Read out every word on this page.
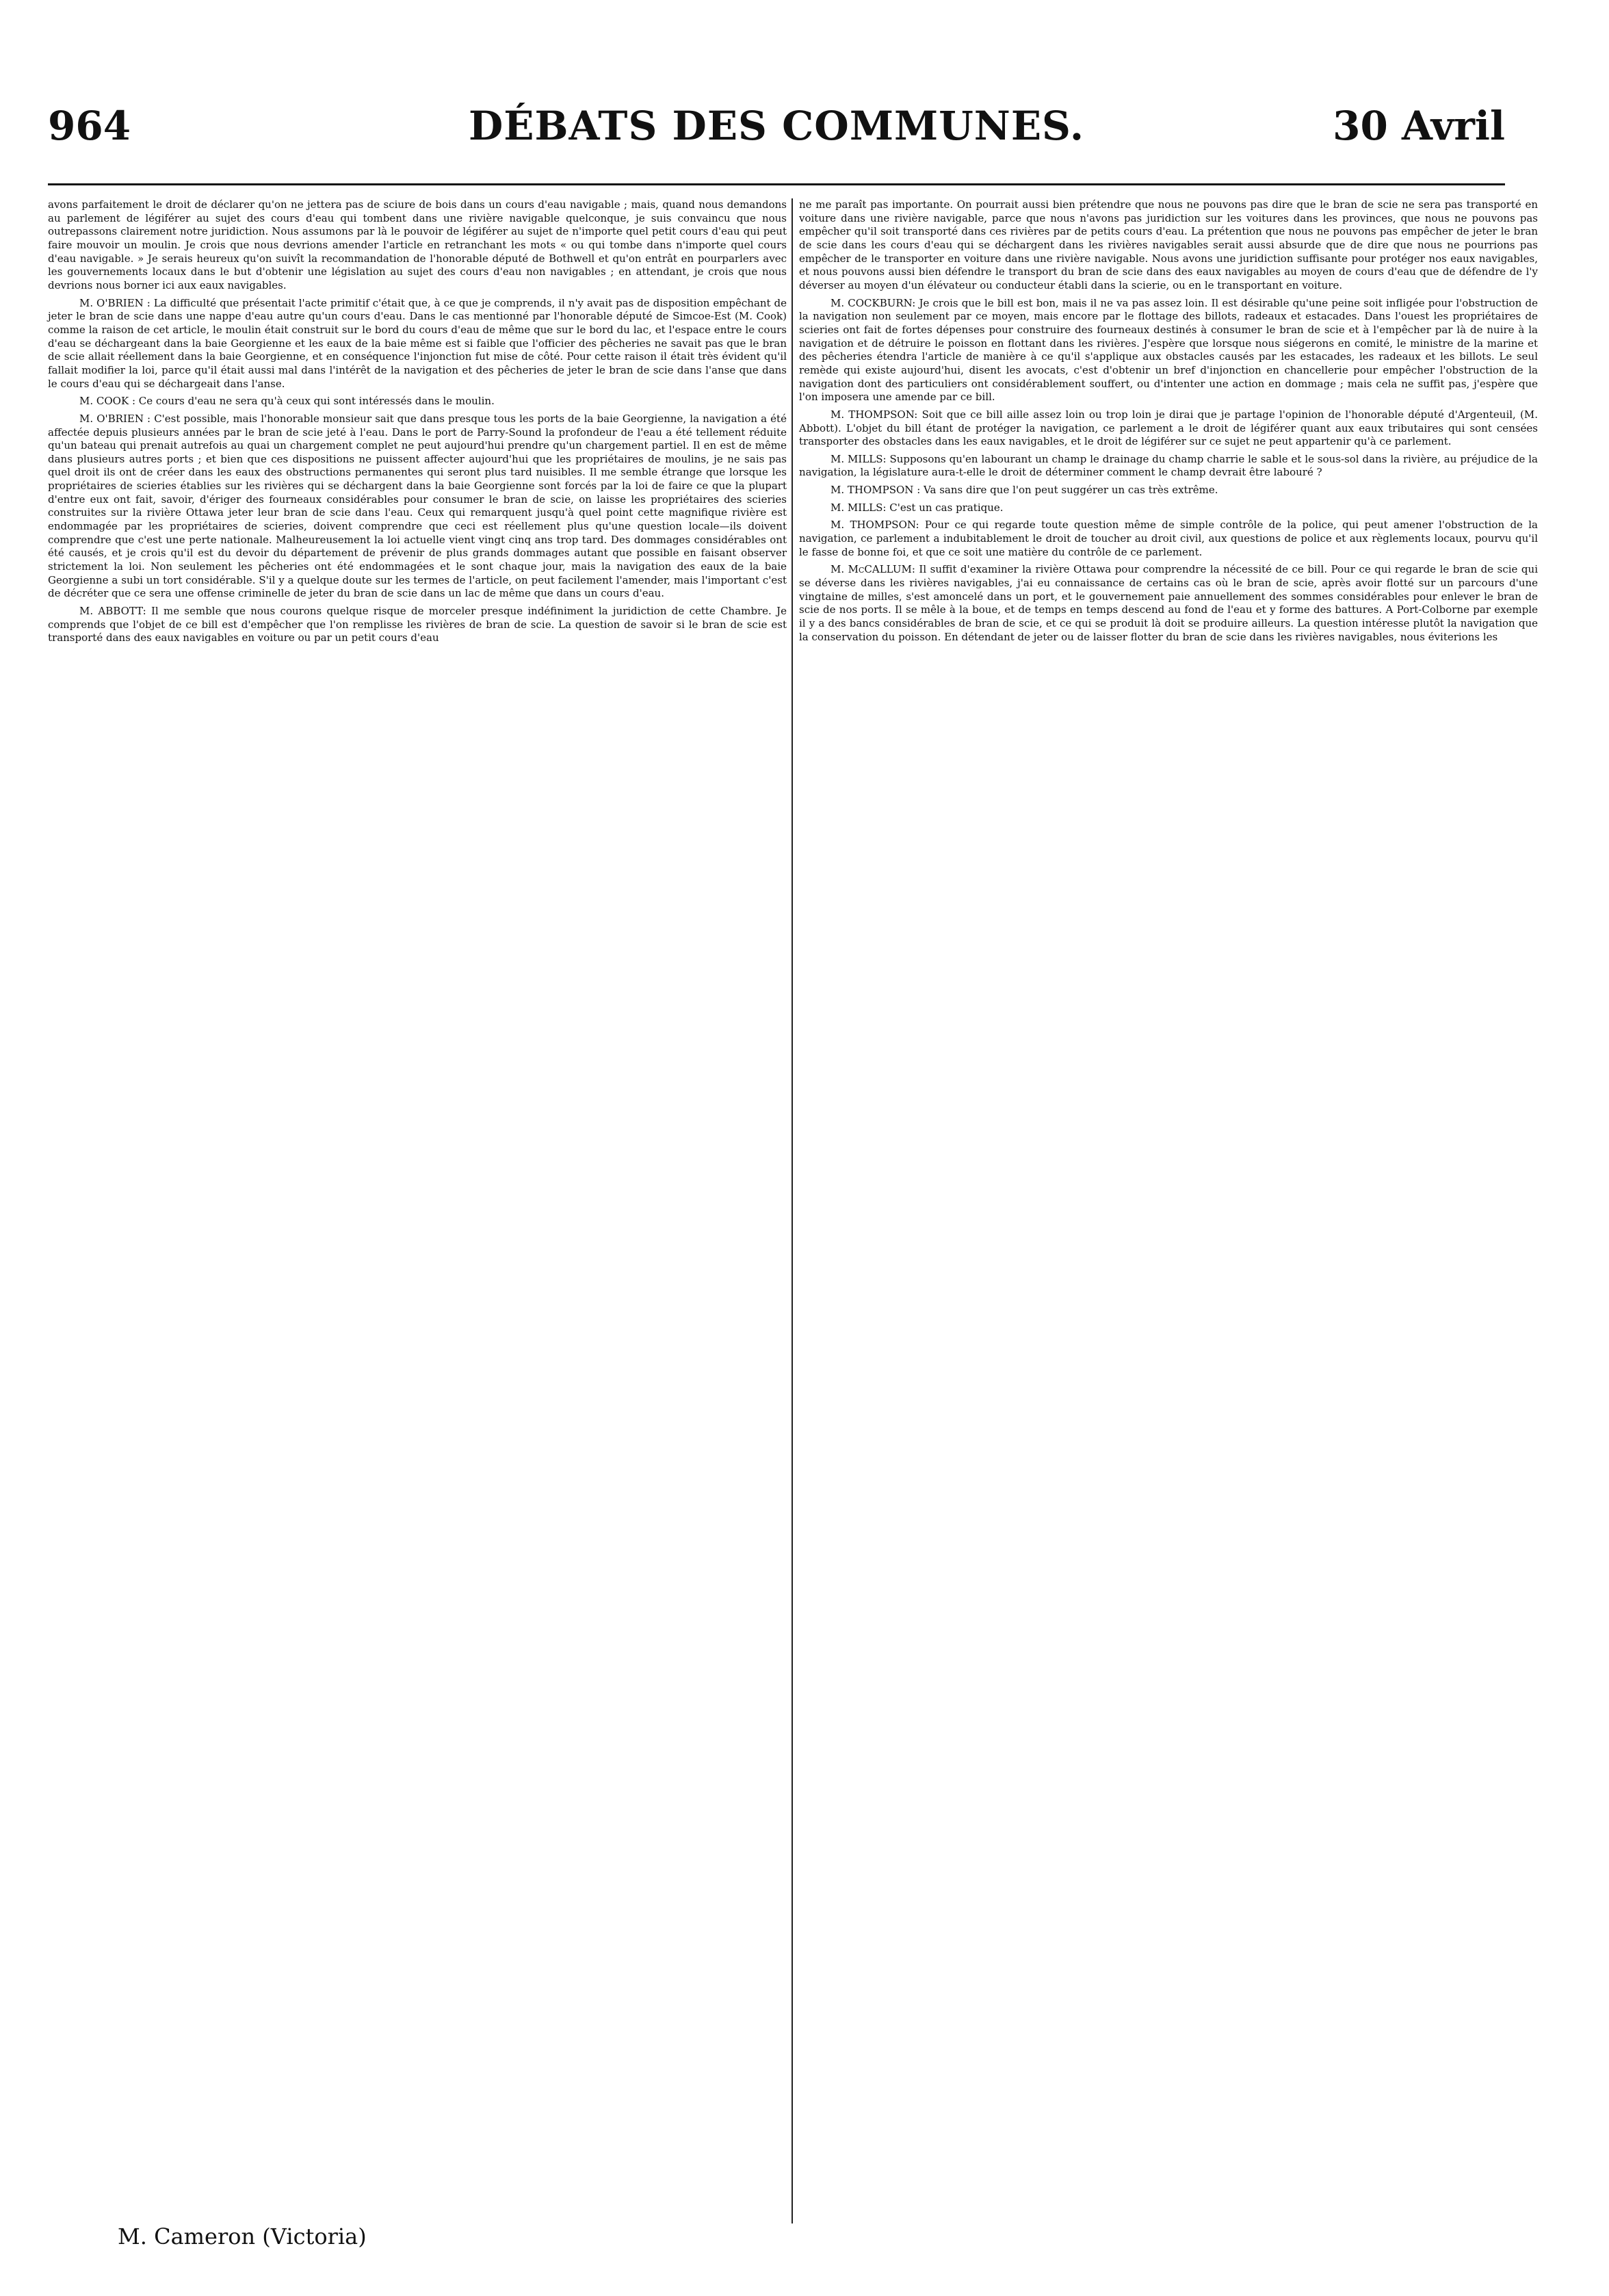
964	DÉBATS DES COMMUNES.	30 Avril

avons parfaitement le droit de déclarer qu'on ne jettera pas de sciure de bois dans un cours d'eau navigable ; mais, quand nous demandons au parlement de légiférer au sujet des cours d'eau qui tombent dans une rivière navigable quelconque, je suis convaincu que nous outrepassons clairement notre juridiction. Nous assumons par là le pouvoir de légiférer au sujet de n'importe quel petit cours d'eau qui peut faire mouvoir un moulin. Je crois que nous devrions amender l'article en retranchant les mots « ou qui tombe dans n'importe quel cours d'eau navigable. » Je serais heureux qu'on suivît la recommandation de l'honorable député de Bothwell et qu'on entrât en pourparlers avec les gouvernements locaux dans le but d'obtenir une législation au sujet des cours d'eau non navigables ; en attendant, je crois que nous devrions nous borner ici aux eaux navigables.

M. O'BRIEN : La difficulté que présentait l'acte primitif c'était que, à ce que je comprends, il n'y avait pas de disposition empêchant de jeter le bran de scie dans une nappe d'eau autre qu'un cours d'eau. Dans le cas mentionné par l'honorable député de Simcoe-Est (M. Cook) comme la raison de cet article, le moulin était construit sur le bord du cours d'eau de même que sur le bord du lac, et l'espace entre le cours d'eau se déchargeant dans la baie Georgienne et les eaux de la baie même est si faible que l'officier des pêcheries ne savait pas que le bran de scie allait réellement dans la baie Georgienne, et en conséquence l'injonction fut mise de côté. Pour cette raison il était très évident qu'il fallait modifier la loi, parce qu'il était aussi mal dans l'intérêt de la navigation et des pêcheries de jeter le bran de scie dans l'anse que dans le cours d'eau qui se déchargeait dans l'anse.

M. COOK : Ce cours d'eau ne sera qu'à ceux qui sont intéressés dans le moulin.

M. O'BRIEN : C'est possible, mais l'honorable monsieur sait que dans presque tous les ports de la baie Georgienne, la navigation a été affectée depuis plusieurs années par le bran de scie jeté à l'eau. Dans le port de Parry-Sound la profondeur de l'eau a été tellement réduite qu'un bateau qui prenait autrefois au quai un chargement complet ne peut aujourd'hui prendre qu'un chargement partiel. Il en est de même dans plusieurs autres ports ; et bien que ces dispositions ne puissent affecter aujourd'hui que les propriétaires de moulins, je ne sais pas quel droit ils ont de créer dans les eaux des obstructions permanentes qui seront plus tard nuisibles. Il me semble étrange que lorsque les propriétaires de scieries établies sur les rivières qui se déchargent dans la baie Georgienne sont forcés par la loi de faire ce que la plupart d'entre eux ont fait, savoir, d'ériger des fourneaux considérables pour consumer le bran de scie, on laisse les propriétaires des scieries construites sur la rivière Ottawa jeter leur bran de scie dans l'eau. Ceux qui remarquent jusqu'à quel point cette magnifique rivière est endommagée par les propriétaires de scieries, doivent comprendre que ceci est réellement plus qu'une question locale—ils doivent comprendre que c'est une perte nationale. Malheureusement la loi actuelle vient vingt cinq ans trop tard. Des dommages considérables ont été causés, et je crois qu'il est du devoir du département de prévenir de plus grands dommages autant que possible en faisant observer strictement la loi. Non seulement les pêcheries ont été endommagées et le sont chaque jour, mais la navigation des eaux de la baie Georgienne a subi un tort considérable. S'il y a quelque doute sur les termes de l'article, on peut facilement l'amender, mais l'important c'est de décréter que ce sera une offense criminelle de jeter du bran de scie dans un lac de même que dans un cours d'eau.

M. ABBOTT: Il me semble que nous courons quelque risque de morceler presque indéfiniment la juridiction de cette Chambre. Je comprends que l'objet de ce bill est d'empêcher que l'on remplisse les rivières de bran de scie. La question de savoir si le bran de scie est transporté dans des eaux navigables en voiture ou par un petit cours d'eau

ne me paraît pas importante. On pourrait aussi bien prétendre que nous ne pouvons pas dire que le bran de scie ne sera pas transporté en voiture dans une rivière navigable, parce que nous n'avons pas juridiction sur les voitures dans les provinces, que nous ne pouvons pas empêcher qu'il soit transporté dans ces rivières par de petits cours d'eau. La prétention que nous ne pouvons pas empêcher de jeter le bran de scie dans les cours d'eau qui se déchargent dans les rivières navigables serait aussi absurde que de dire que nous ne pourrions pas empêcher de le transporter en voiture dans une rivière navigable. Nous avons une juridiction suffisante pour protéger nos eaux navigables, et nous pouvons aussi bien défendre le transport du bran de scie dans des eaux navigables au moyen de cours d'eau que de défendre de l'y déverser au moyen d'un élévateur ou conducteur établi dans la scierie, ou en le transportant en voiture.

M. COCKBURN: Je crois que le bill est bon, mais il ne va pas assez loin. Il est désirable qu'une peine soit infligée pour l'obstruction de la navigation non seulement par ce moyen, mais encore par le flottage des billots, radeaux et estacades. Dans l'ouest les propriétaires de scieries ont fait de fortes dépenses pour construire des fourneaux destinés à consumer le bran de scie et à l'empêcher par là de nuire à la navigation et de détruire le poisson en flottant dans les rivières. J'espère que lorsque nous siégerons en comité, le ministre de la marine et des pêcheries étendra l'article de manière à ce qu'il s'applique aux obstacles causés par les estacades, les radeaux et les billots. Le seul remède qui existe aujourd'hui, disent les avocats, c'est d'obtenir un bref d'injonction en chancellerie pour empêcher l'obstruction de la navigation dont des particuliers ont considérablement souffert, ou d'intenter une action en dommage ; mais cela ne suffit pas, j'espère que l'on imposera une amende par ce bill.

M. THOMPSON: Soit que ce bill aille assez loin ou trop loin je dirai que je partage l'opinion de l'honorable député d'Argenteuil, (M. Abbott). L'objet du bill étant de protéger la navigation, ce parlement a le droit de légiférer quant aux eaux tributaires qui sont censées transporter des obstacles dans les eaux navigables, et le droit de légiférer sur ce sujet ne peut appartenir qu'à ce parlement.

M. MILLS: Supposons qu'en labourant un champ le drainage du champ charrie le sable et le sous-sol dans la rivière, au préjudice de la navigation, la législature aura-t-elle le droit de déterminer comment le champ devrait être labouré ?

M. THOMPSON : Va sans dire que l'on peut suggérer un cas très extrême.

M. MILLS: C'est un cas pratique.

M. THOMPSON: Pour ce qui regarde toute question même de simple contrôle de la police, qui peut amener l'obstruction de la navigation, ce parlement a indubitablement le droit de toucher au droit civil, aux questions de police et aux règlements locaux, pourvu qu'il le fasse de bonne foi, et que ce soit une matière du contrôle de ce parlement.

M. McCALLUM: Il suffit d'examiner la rivière Ottawa pour comprendre la nécessité de ce bill. Pour ce qui regarde le bran de scie qui se déverse dans les rivières navigables, j'ai eu connaissance de certains cas où le bran de scie, après avoir flotté sur un parcours d'une vingtaine de milles, s'est amoncelé dans un port, et le gouvernement paie annuellement des sommes considérables pour enlever le bran de scie de nos ports. Il se mêle à la boue, et de temps en temps descend au fond de l'eau et y forme des battures. A Port-Colborne par exemple il y a des bancs considérables de bran de scie, et ce qui se produit là doit se produire ailleurs. La question intéresse plutôt la navigation que la conservation du poisson. En détendant de jeter ou de laisser flotter du bran de scie dans les rivières navigables, nous éviterions les

M. Cameron (Victoria)
